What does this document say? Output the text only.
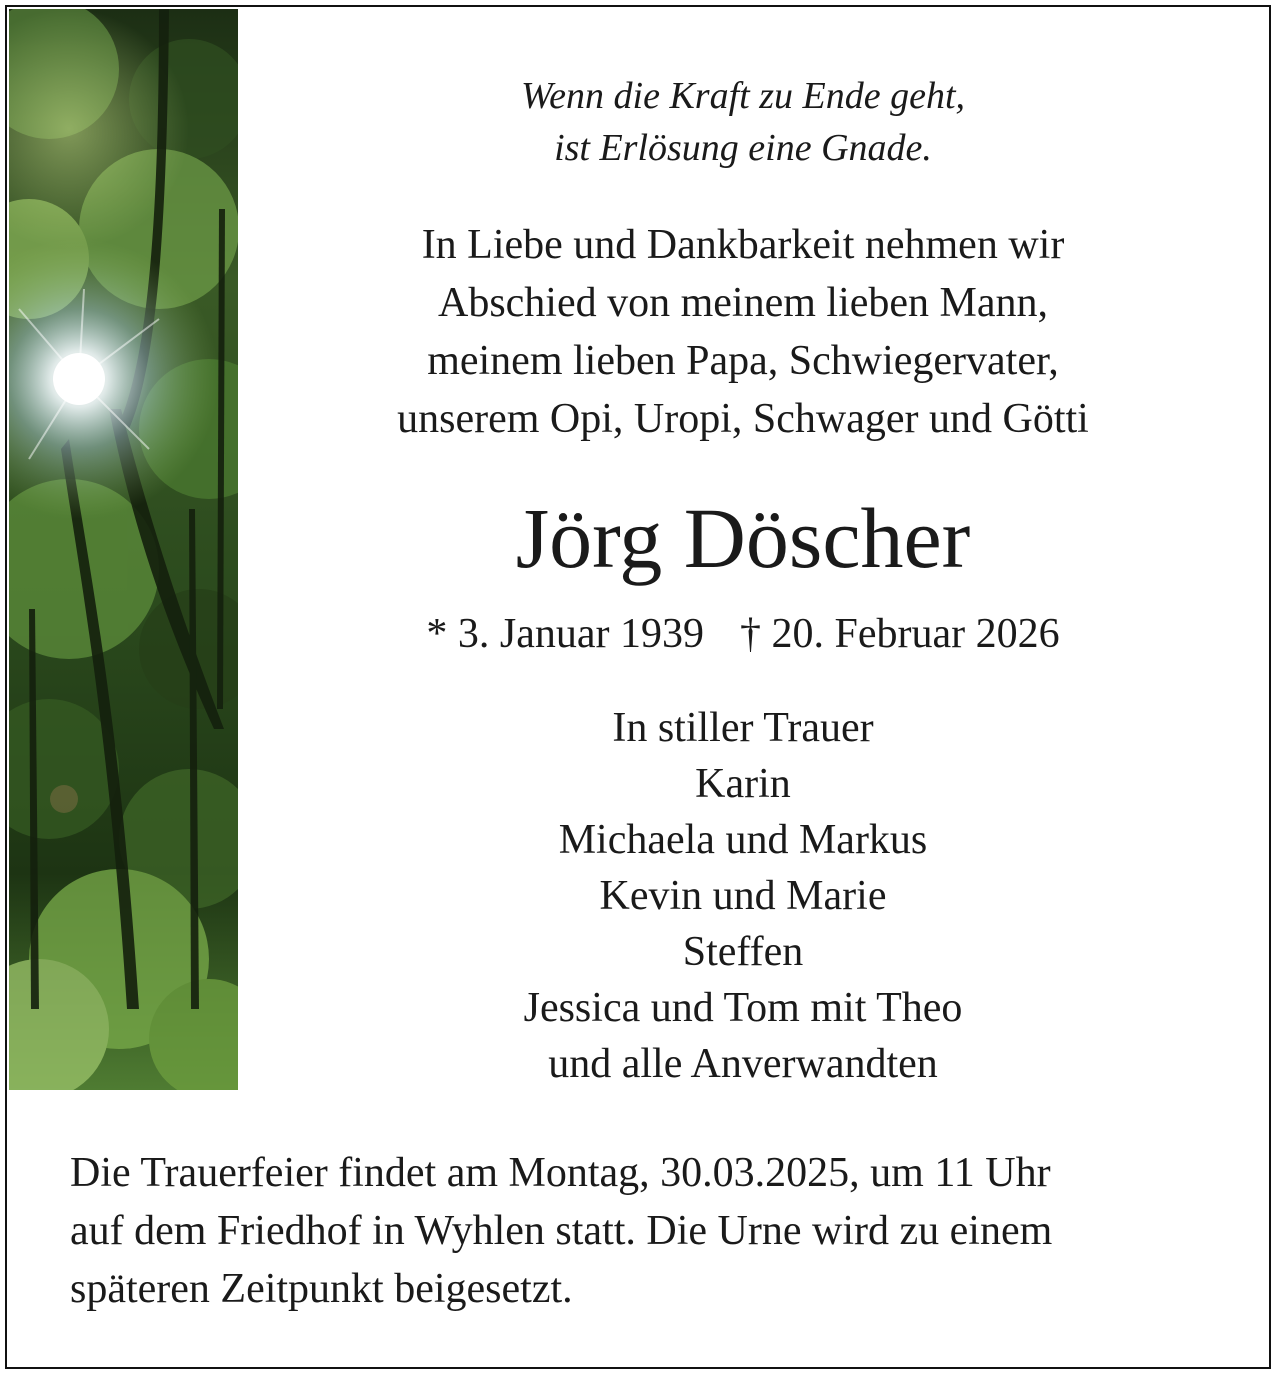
Wenn die Kraft zu Ende geht,
ist Erlösung eine Gnade.
In Liebe und Dankbarkeit nehmen wir
Abschied von meinem lieben Mann,
meinem lieben Papa, Schwiegervater,
unserem Opi, Uropi, Schwager und Götti
Jörg Döscher
* 3. Januar 1939 † 20. Februar 2026
In stiller Trauer
Karin
Michaela und Markus
Kevin und Marie
Steffen
Jessica und Tom mit Theo
und alle Anverwandten
Die Trauerfeier findet am Montag, 30.03.2025, um 11 Uhr
auf dem Friedhof in Wyhlen statt. Die Urne wird zu einem
späteren Zeitpunkt beigesetzt.
